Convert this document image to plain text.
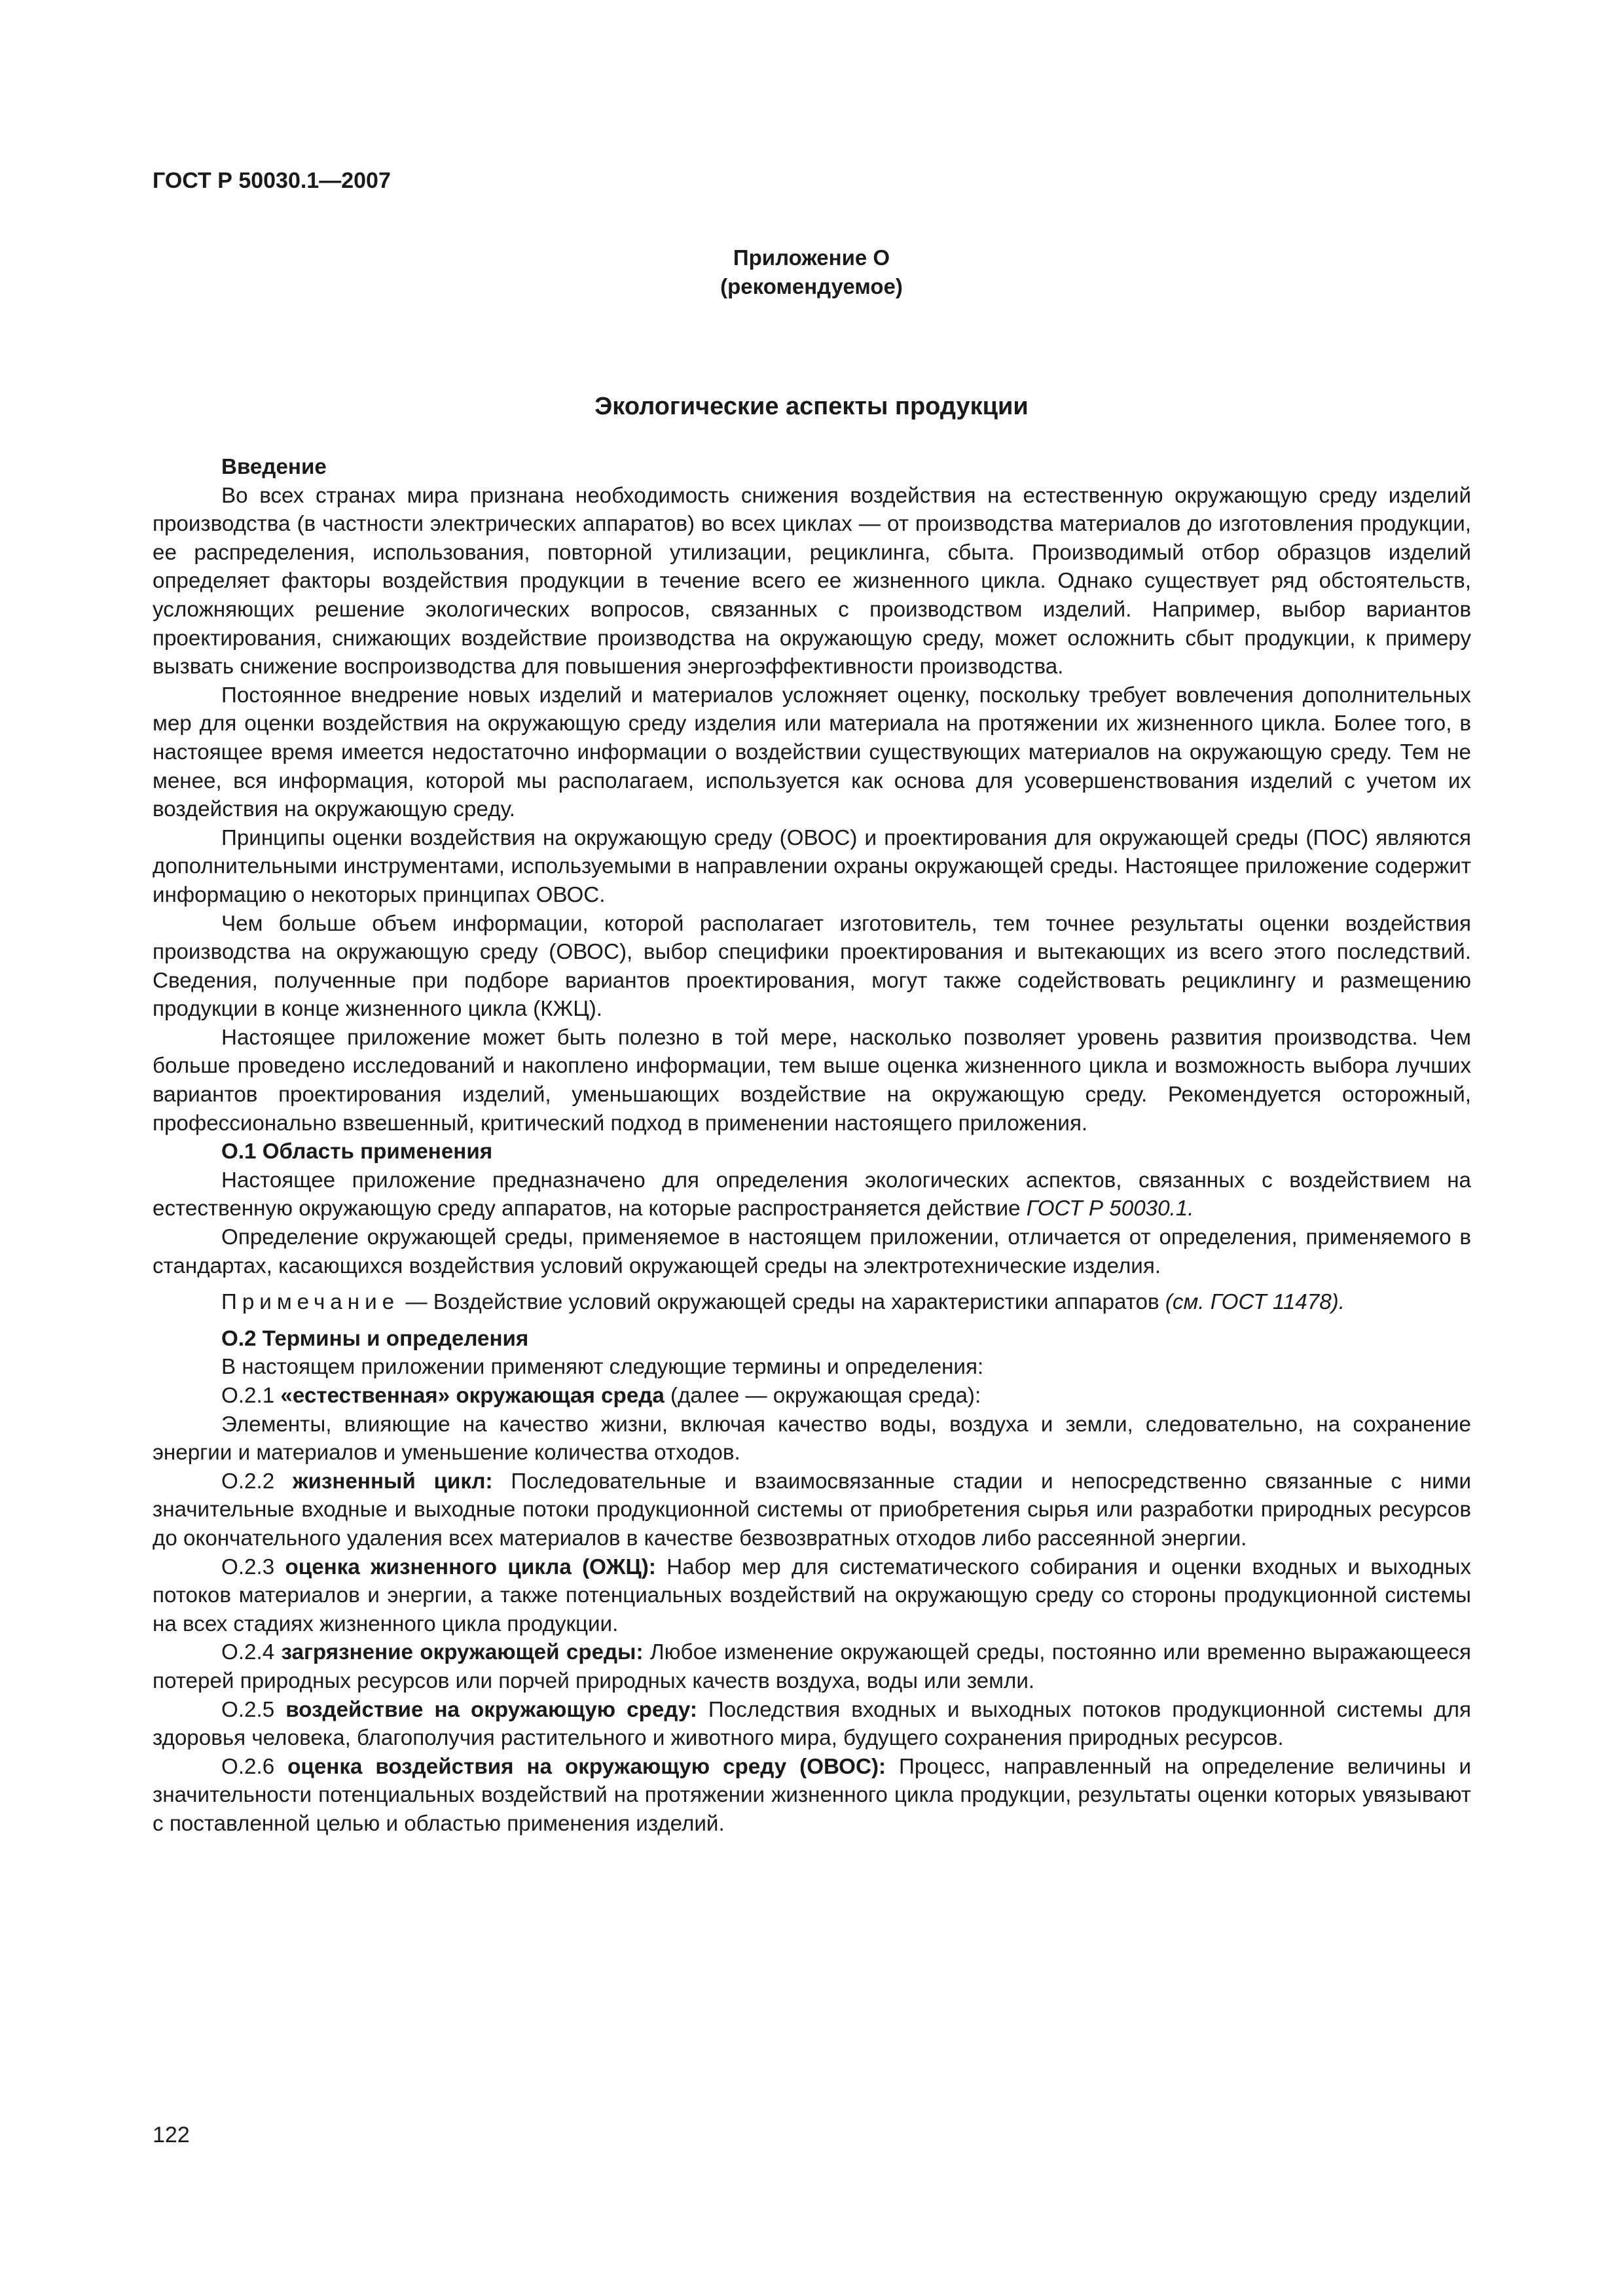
ГОСТ Р 50030.1—2007
Приложение О
(рекомендуемое)
Экологические аспекты продукции
Введение

Во всех странах мира признана необходимость снижения воздействия на естественную окружающую среду изделий производства (в частности электрических аппаратов) во всех циклах — от производства материалов до изготовления продукции, ее распределения, использования, повторной утилизации, рециклинга, сбыта. Производимый отбор образцов изделий определяет факторы воздействия продукции в течение всего ее жизненного цикла. Однако существует ряд обстоятельств, усложняющих решение экологических вопросов, связанных с производством изделий. Например, выбор вариантов проектирования, снижающих воздействие производства на окружающую среду, может осложнить сбыт продукции, к примеру вызвать снижение воспроизводства для повышения энергоэффективности производства.

Постоянное внедрение новых изделий и материалов усложняет оценку, поскольку требует вовлечения дополнительных мер для оценки воздействия на окружающую среду изделия или материала на протяжении их жизненного цикла. Более того, в настоящее время имеется недостаточно информации о воздействии существующих материалов на окружающую среду. Тем не менее, вся информация, которой мы располагаем, используется как основа для усовершенствования изделий с учетом их воздействия на окружающую среду.

Принципы оценки воздействия на окружающую среду (ОВОС) и проектирования для окружающей среды (ПОС) являются дополнительными инструментами, используемыми в направлении охраны окружающей среды. Настоящее приложение содержит информацию о некоторых принципах ОВОС.

Чем больше объем информации, которой располагает изготовитель, тем точнее результаты оценки воздействия производства на окружающую среду (ОВОС), выбор специфики проектирования и вытекающих из всего этого последствий. Сведения, полученные при подборе вариантов проектирования, могут также содействовать рециклингу и размещению продукции в конце жизненного цикла (КЖЦ).

Настоящее приложение может быть полезно в той мере, насколько позволяет уровень развития производства. Чем больше проведено исследований и накоплено информации, тем выше оценка жизненного цикла и возможность выбора лучших вариантов проектирования изделий, уменьшающих воздействие на окружающую среду. Рекомендуется осторожный, профессионально взвешенный, критический подход в применении настоящего приложения.

О.1 Область применения

Настоящее приложение предназначено для определения экологических аспектов, связанных с воздействием на естественную окружающую среду аппаратов, на которые распространяется действие ГОСТ Р 50030.1.

Определение окружающей среды, применяемое в настоящем приложении, отличается от определения, применяемого в стандартах, касающихся воздействия условий окружающей среды на электротехнические изделия.

Примечание — Воздействие условий окружающей среды на характеристики аппаратов (см. ГОСТ 11478).

О.2 Термины и определения

В настоящем приложении применяют следующие термины и определения:

О.2.1 «естественная» окружающая среда (далее — окружающая среда):

Элементы, влияющие на качество жизни, включая качество воды, воздуха и земли, следовательно, на сохранение энергии и материалов и уменьшение количества отходов.

О.2.2 жизненный цикл: Последовательные и взаимосвязанные стадии и непосредственно связанные с ними значительные входные и выходные потоки продукционной системы от приобретения сырья или разработки природных ресурсов до окончательного удаления всех материалов в качестве безвозвратных отходов либо рассеянной энергии.

О.2.3 оценка жизненного цикла (ОЖЦ): Набор мер для систематического собирания и оценки входных и выходных потоков материалов и энергии, а также потенциальных воздействий на окружающую среду со стороны продукционной системы на всех стадиях жизненного цикла продукции.

О.2.4 загрязнение окружающей среды: Любое изменение окружающей среды, постоянно или временно выражающееся потерей природных ресурсов или порчей природных качеств воздуха, воды или земли.

О.2.5 воздействие на окружающую среду: Последствия входных и выходных потоков продукционной системы для здоровья человека, благополучия растительного и животного мира, будущего сохранения природных ресурсов.

О.2.6 оценка воздействия на окружающую среду (ОВОС): Процесс, направленный на определение величины и значительности потенциальных воздействий на протяжении жизненного цикла продукции, результаты оценки которых увязывают с поставленной целью и областью применения изделий.

122
